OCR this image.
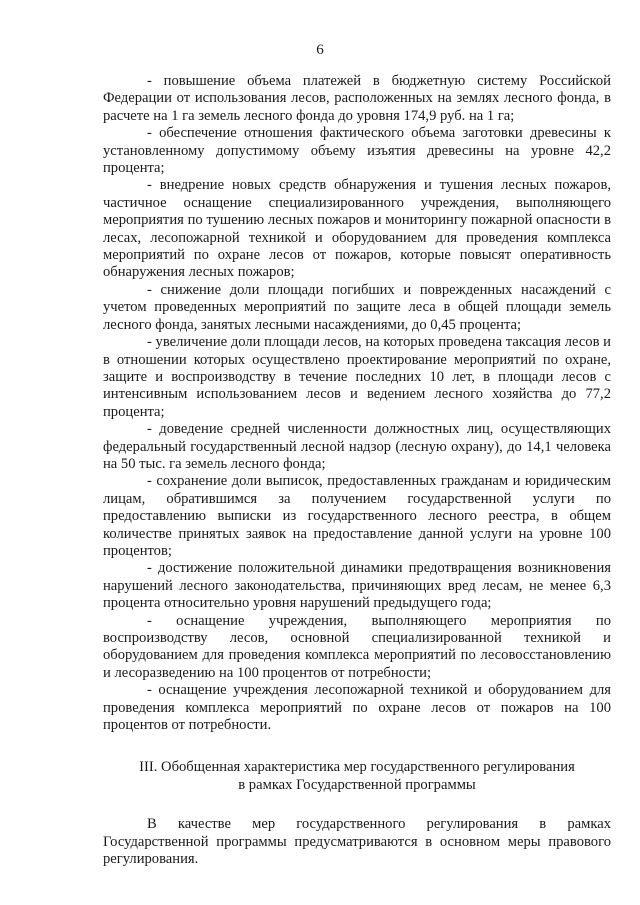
6

- повышение объема платежей в бюджетную систему Российской Федерации от использования лесов, расположенных на землях лесного фонда, в расчете на 1 га земель лесного фонда до уровня 174,9 руб. на 1 га;

- обеспечение отношения фактического объема заготовки древесины к установленному допустимому объему изъятия древесины на уровне 42,2 процента;

- внедрение новых средств обнаружения и тушения лесных пожаров, частичное оснащение специализированного учреждения, выполняющего мероприятия по тушению лесных пожаров и мониторингу пожарной опасности в лесах, лесопожарной техникой и оборудованием для проведения комплекса мероприятий по охране лесов от пожаров, которые повысят оперативность обнаружения лесных пожаров;

- снижение доли площади погибших и поврежденных насаждений с учетом проведенных мероприятий по защите леса в общей площади земель лесного фонда, занятых лесными насаждениями, до 0,45 процента;

- увеличение доли площади лесов, на которых проведена таксация лесов и в отношении которых осуществлено проектирование мероприятий по охране, защите и воспроизводству в течение последних 10 лет, в площади лесов с интенсивным использованием лесов и ведением лесного хозяйства до 77,2 процента;

- доведение средней численности должностных лиц, осуществляющих федеральный государственный лесной надзор (лесную охрану), до 14,1 человека на 50 тыс. га земель лесного фонда;

- сохранение доли выписок, предоставленных гражданам и юридическим лицам, обратившимся за получением государственной услуги по предоставлению выписки из государственного лесного реестра, в общем количестве принятых заявок на предоставление данной услуги на уровне 100 процентов;

- достижение положительной динамики предотвращения возникновения нарушений лесного законодательства, причиняющих вред лесам, не менее 6,3 процента относительно уровня нарушений предыдущего года;

- оснащение учреждения, выполняющего мероприятия по воспроизводству лесов, основной специализированной техникой и оборудованием для проведения комплекса мероприятий по лесовосстановлению и лесоразведению на 100 процентов от потребности;

- оснащение учреждения лесопожарной техникой и оборудованием для проведения комплекса мероприятий по охране лесов от пожаров на 100 процентов от потребности.

III. Обобщенная характеристика мер государственного регулирования
в рамках Государственной программы

В качестве мер государственного регулирования в рамках Государственной программы предусматриваются в основном меры правового регулирования.
